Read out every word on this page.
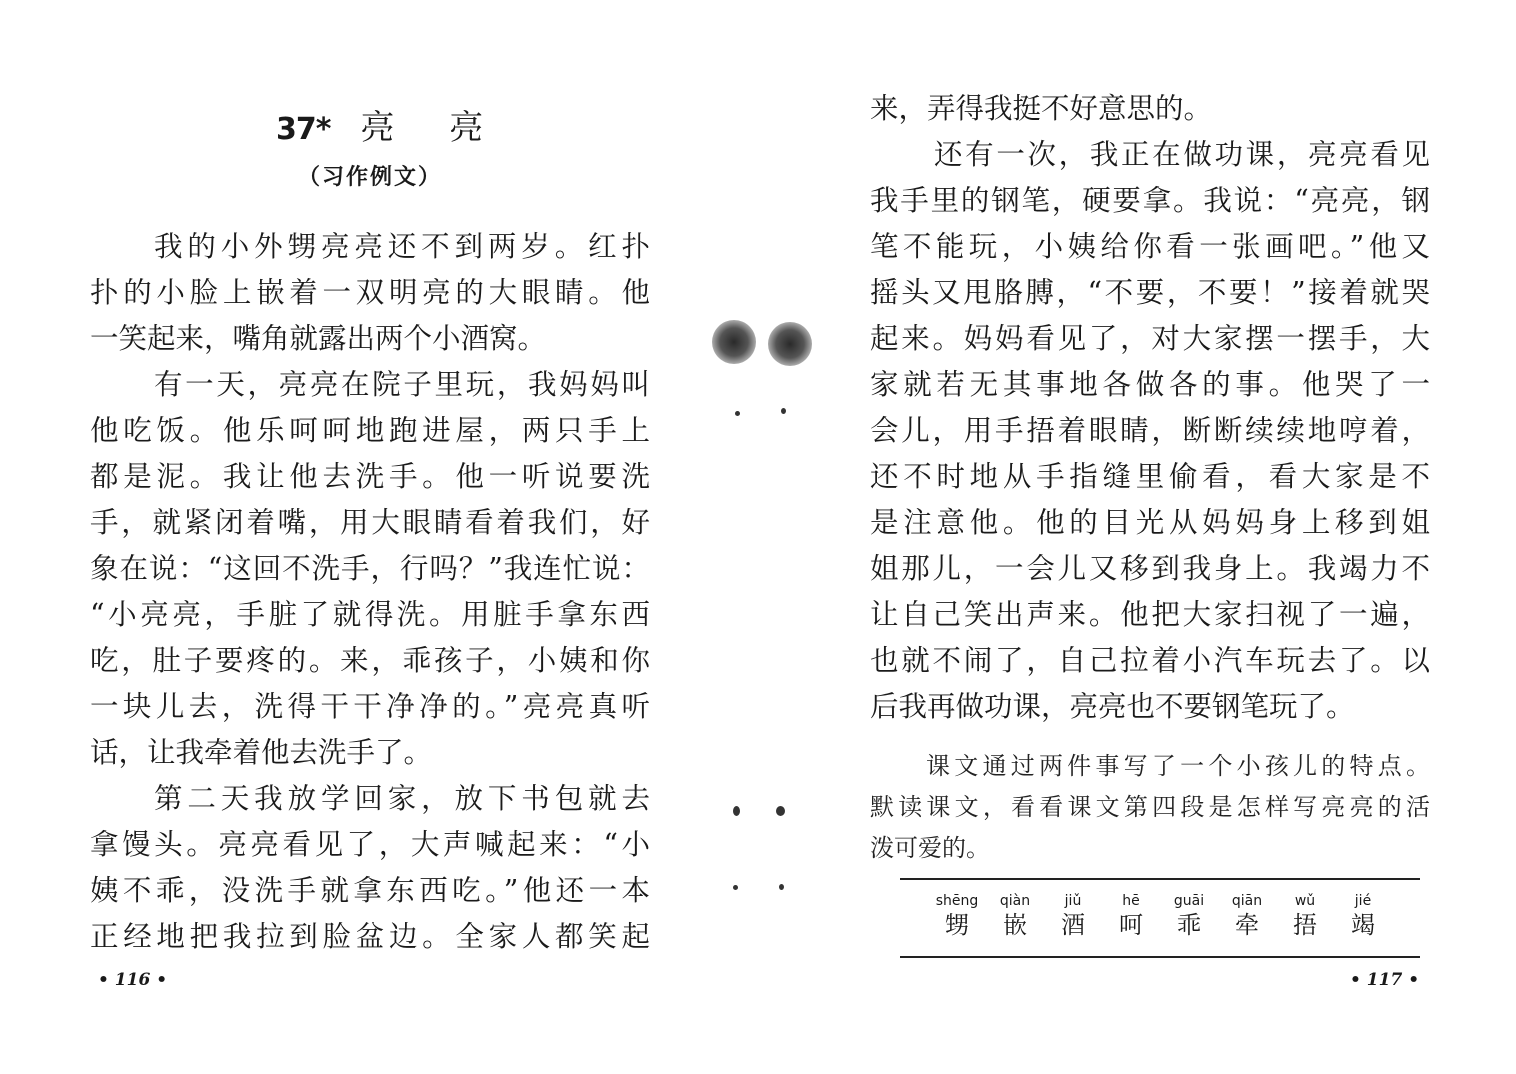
37* 亮 亮
（习作例文）
我的小外甥亮亮还不到两岁。红扑
扑的小脸上嵌着一双明亮的大眼睛。他
一笑起来，嘴角就露出两个小酒窝。
有一天，亮亮在院子里玩，我妈妈叫
他吃饭。他乐呵呵地跑进屋，两只手上
都是泥。我让他去洗手。他一听说要洗
手，就紧闭着嘴，用大眼睛看着我们，好
象在说：“这回不洗手，行吗？”我连忙说：
“小亮亮，手脏了就得洗。用脏手拿东西
吃，肚子要疼的。来，乖孩子，小姨和你
一块儿去，洗得干干净净的。”亮亮真听
话，让我牵着他去洗手了。
第二天我放学回家，放下书包就去
拿馒头。亮亮看见了，大声喊起来：“小
姨不乖，没洗手就拿东西吃。”他还一本
正经地把我拉到脸盆边。全家人都笑起
• 116 •
来，弄得我挺不好意思的。
还有一次，我正在做功课，亮亮看见
我手里的钢笔，硬要拿。我说：“亮亮，钢
笔不能玩，小姨给你看一张画吧。”他又
摇头又甩胳膊，“不要，不要！”接着就哭
起来。妈妈看见了，对大家摆一摆手，大
家就若无其事地各做各的事。他哭了一
会儿，用手捂着眼睛，断断续续地哼着，
还不时地从手指缝里偷看，看大家是不
是注意他。他的目光从妈妈身上移到姐
姐那儿，一会儿又移到我身上。我竭力不
让自己笑出声来。他把大家扫视了一遍，
也就不闹了，自己拉着小汽车玩去了。以
后我再做功课，亮亮也不要钢笔玩了。
课文通过两件事写了一个小孩儿的特点。
默读课文，看看课文第四段是怎样写亮亮的活
泼可爱的。
shēng
甥
qiàn
嵌
jiǔ
酒
hē
呵
guāi
乖
qiān
牵
wǔ
捂
jié
竭
• 117 •
